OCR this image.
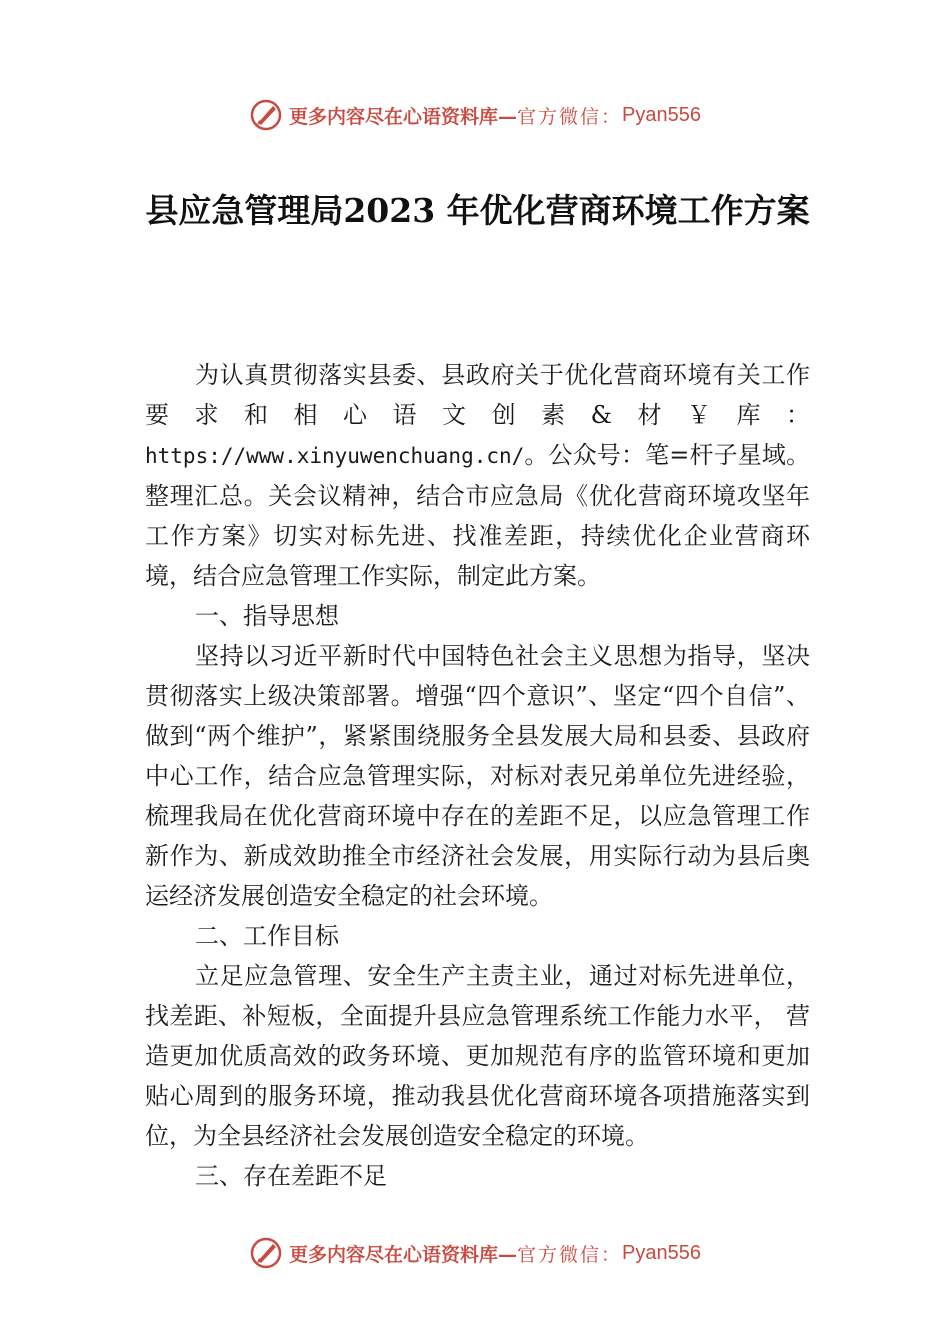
更多内容尽在心语资料库— 官方微信： Pyan556
县应急管理局2023 年优化营商环境工作方案

为认真贯彻落实县委、县政府关于优化营商环境有关工作要求和相心语文创素&材￥库：https://www.xinyuwenchuang.cn/。公众号：笔=杆子星域。整理汇总。关会议精神，结合市应急局《优化营商环境攻坚年工作方案》切实对标先进、找准差距，持续优化企业营商环境，结合应急管理工作实际，制定此方案。

一、指导思想

坚持以习近平新时代中国特色社会主义思想为指导，坚决贯彻落实上级决策部署。增强“四个意识”、坚定“四个自信”、做到“两个维护”，紧紧围绕服务全县发展大局和县委、县政府中心工作，结合应急管理实际，对标对表兄弟单位先进经验，梳理我局在优化营商环境中存在的差距不足，以应急管理工作新作为、新成效助推全市经济社会发展，用实际行动为县后奥运经济发展创造安全稳定的社会环境。

二、工作目标

立足应急管理、安全生产主责主业，通过对标先进单位，找差距、补短板，全面提升县应急管理系统工作能力水平， 营造更加优质高效的政务环境、更加规范有序的监管环境和更加贴心周到的服务环境，推动我县优化营商环境各项措施落实到位，为全县经济社会发展创造安全稳定的环境。

三、存在差距不足

更多内容尽在心语资料库— 官方微信： Pyan556
